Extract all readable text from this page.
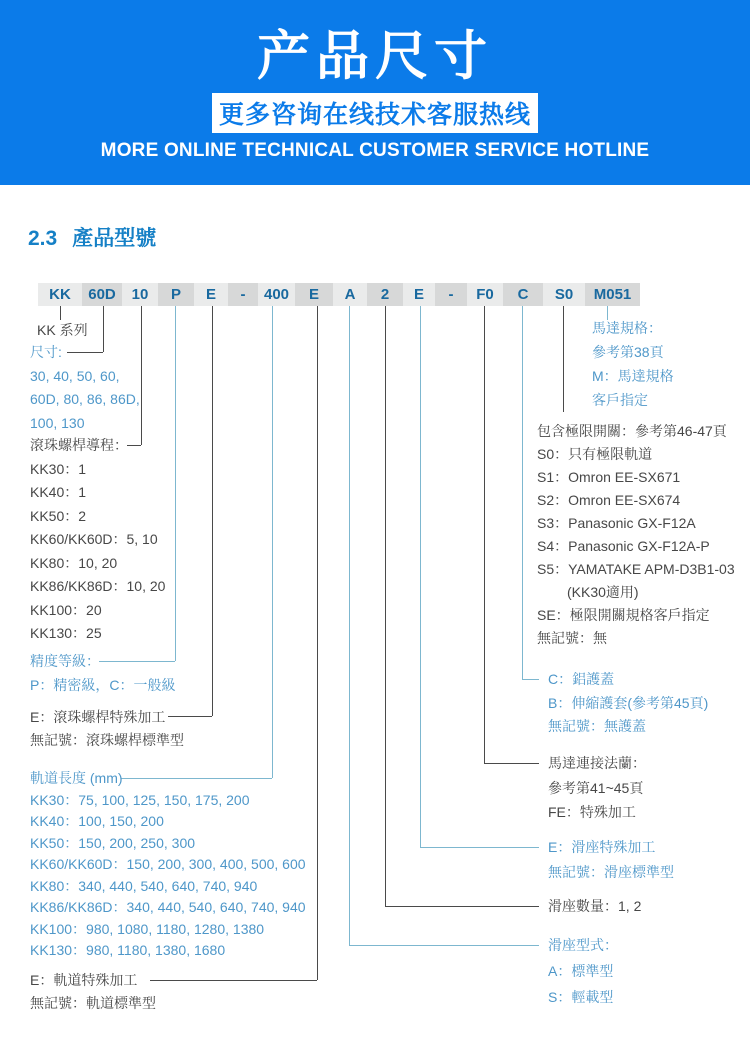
产品尺寸
更多咨询在线技术客服热线
MORE ONLINE TECHNICAL CUSTOMER SERVICE HOTLINE
2.3 產品型號
KK	60D	10	P	E	-	400	E	A	2	E	-	F0	C	S0	M051
KK 系列
尺寸:
30, 40, 50, 60,
60D, 80, 86, 86D,
100, 130
滾珠螺桿導程：
KK30：1
KK40：1
KK50：2
KK60/KK60D：5, 10
KK80：10, 20
KK86/KK86D：10, 20
KK100：20
KK130：25
精度等級：
P：精密級，C：一般級
E：滾珠螺桿特殊加工
無記號：滾珠螺桿標準型
軌道長度 (mm)
KK30：75, 100, 125, 150, 175, 200
KK40：100, 150, 200
KK50：150, 200, 250, 300
KK60/KK60D：150, 200, 300, 400, 500, 600
KK80：340, 440, 540, 640, 740, 940
KK86/KK86D：340, 440, 540, 640, 740, 940
KK100：980, 1080, 1180, 1280, 1380
KK130：980, 1180, 1380, 1680
E：軌道特殊加工
無記號：軌道標準型
馬達規格：
參考第38頁
M：馬達規格
客戶指定
包含極限開關：參考第46-47頁
S0：只有極限軌道
S1：Omron EE-SX671
S2：Omron EE-SX674
S3：Panasonic GX-F12A
S4：Panasonic GX-F12A-P
S5：YAMATAKE APM-D3B1-03
(KK30適用)
SE：極限開關規格客戶指定
無記號：無
C：鋁護蓋
B：伸縮護套(參考第45頁)
無記號：無護蓋
馬達連接法蘭：
參考第41~45頁
FE：特殊加工
E：滑座特殊加工
無記號：滑座標準型
滑座數量：1, 2
滑座型式：
A：標準型
S：輕載型
